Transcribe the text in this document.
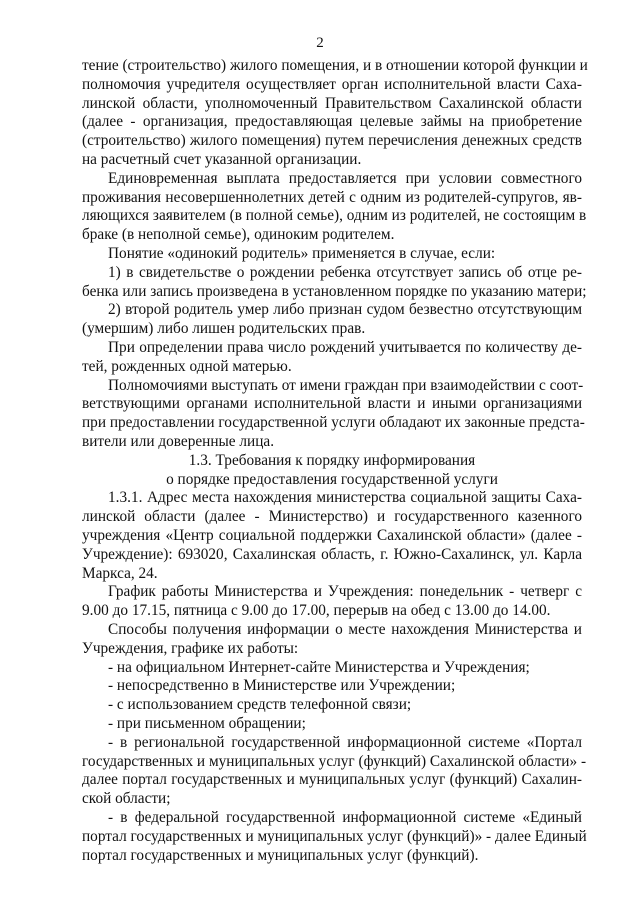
2
тение (строительство) жилого помещения, и в отношении которой функции и
полномочия учредителя осуществляет орган исполнительной власти Саха-
линской области, уполномоченный Правительством Сахалинской области
(далее - организация, предоставляющая целевые займы на приобретение
(строительство) жилого помещения) путем перечисления денежных средств
на расчетный счет указанной организации.
Единовременная выплата предоставляется при условии совместного
проживания несовершеннолетних детей с одним из родителей-супругов, яв-
ляющихся заявителем (в полной семье), одним из родителей, не состоящим в
браке (в неполной семье), одиноким родителем.
Понятие «одинокий родитель» применяется в случае, если:
1) в свидетельстве о рождении ребенка отсутствует запись об отце ре-
бенка или запись произведена в установленном порядке по указанию матери;
2) второй родитель умер либо признан судом безвестно отсутствующим
(умершим) либо лишен родительских прав.
При определении права число рождений учитывается по количеству де-
тей, рожденных одной матерью.
Полномочиями выступать от имени граждан при взаимодействии с соот-
ветствующими органами исполнительной власти и иными организациями
при предоставлении государственной услуги обладают их законные предста-
вители или доверенные лица.
1.3. Требования к порядку информирования
о порядке предоставления государственной услуги
1.3.1. Адрес места нахождения министерства социальной защиты Саха-
линской области (далее - Министерство) и государственного казенного
учреждения «Центр социальной поддержки Сахалинской области» (далее -
Учреждение): 693020, Сахалинская область, г. Южно-Сахалинск, ул. Карла
Маркса, 24.
График работы Министерства и Учреждения: понедельник - четверг с
9.00 до 17.15, пятница с 9.00 до 17.00, перерыв на обед с 13.00 до 14.00.
Способы получения информации о месте нахождения Министерства и
Учреждения, графике их работы:
- на официальном Интернет-сайте Министерства и Учреждения;
- непосредственно в Министерстве или Учреждении;
- с использованием средств телефонной связи;
- при письменном обращении;
- в региональной государственной информационной системе «Портал
государственных и муниципальных услуг (функций) Сахалинской области» -
далее портал государственных и муниципальных услуг (функций) Сахалин-
ской области;
- в федеральной государственной информационной системе «Единый
портал государственных и муниципальных услуг (функций)» - далее Единый
портал государственных и муниципальных услуг (функций).
